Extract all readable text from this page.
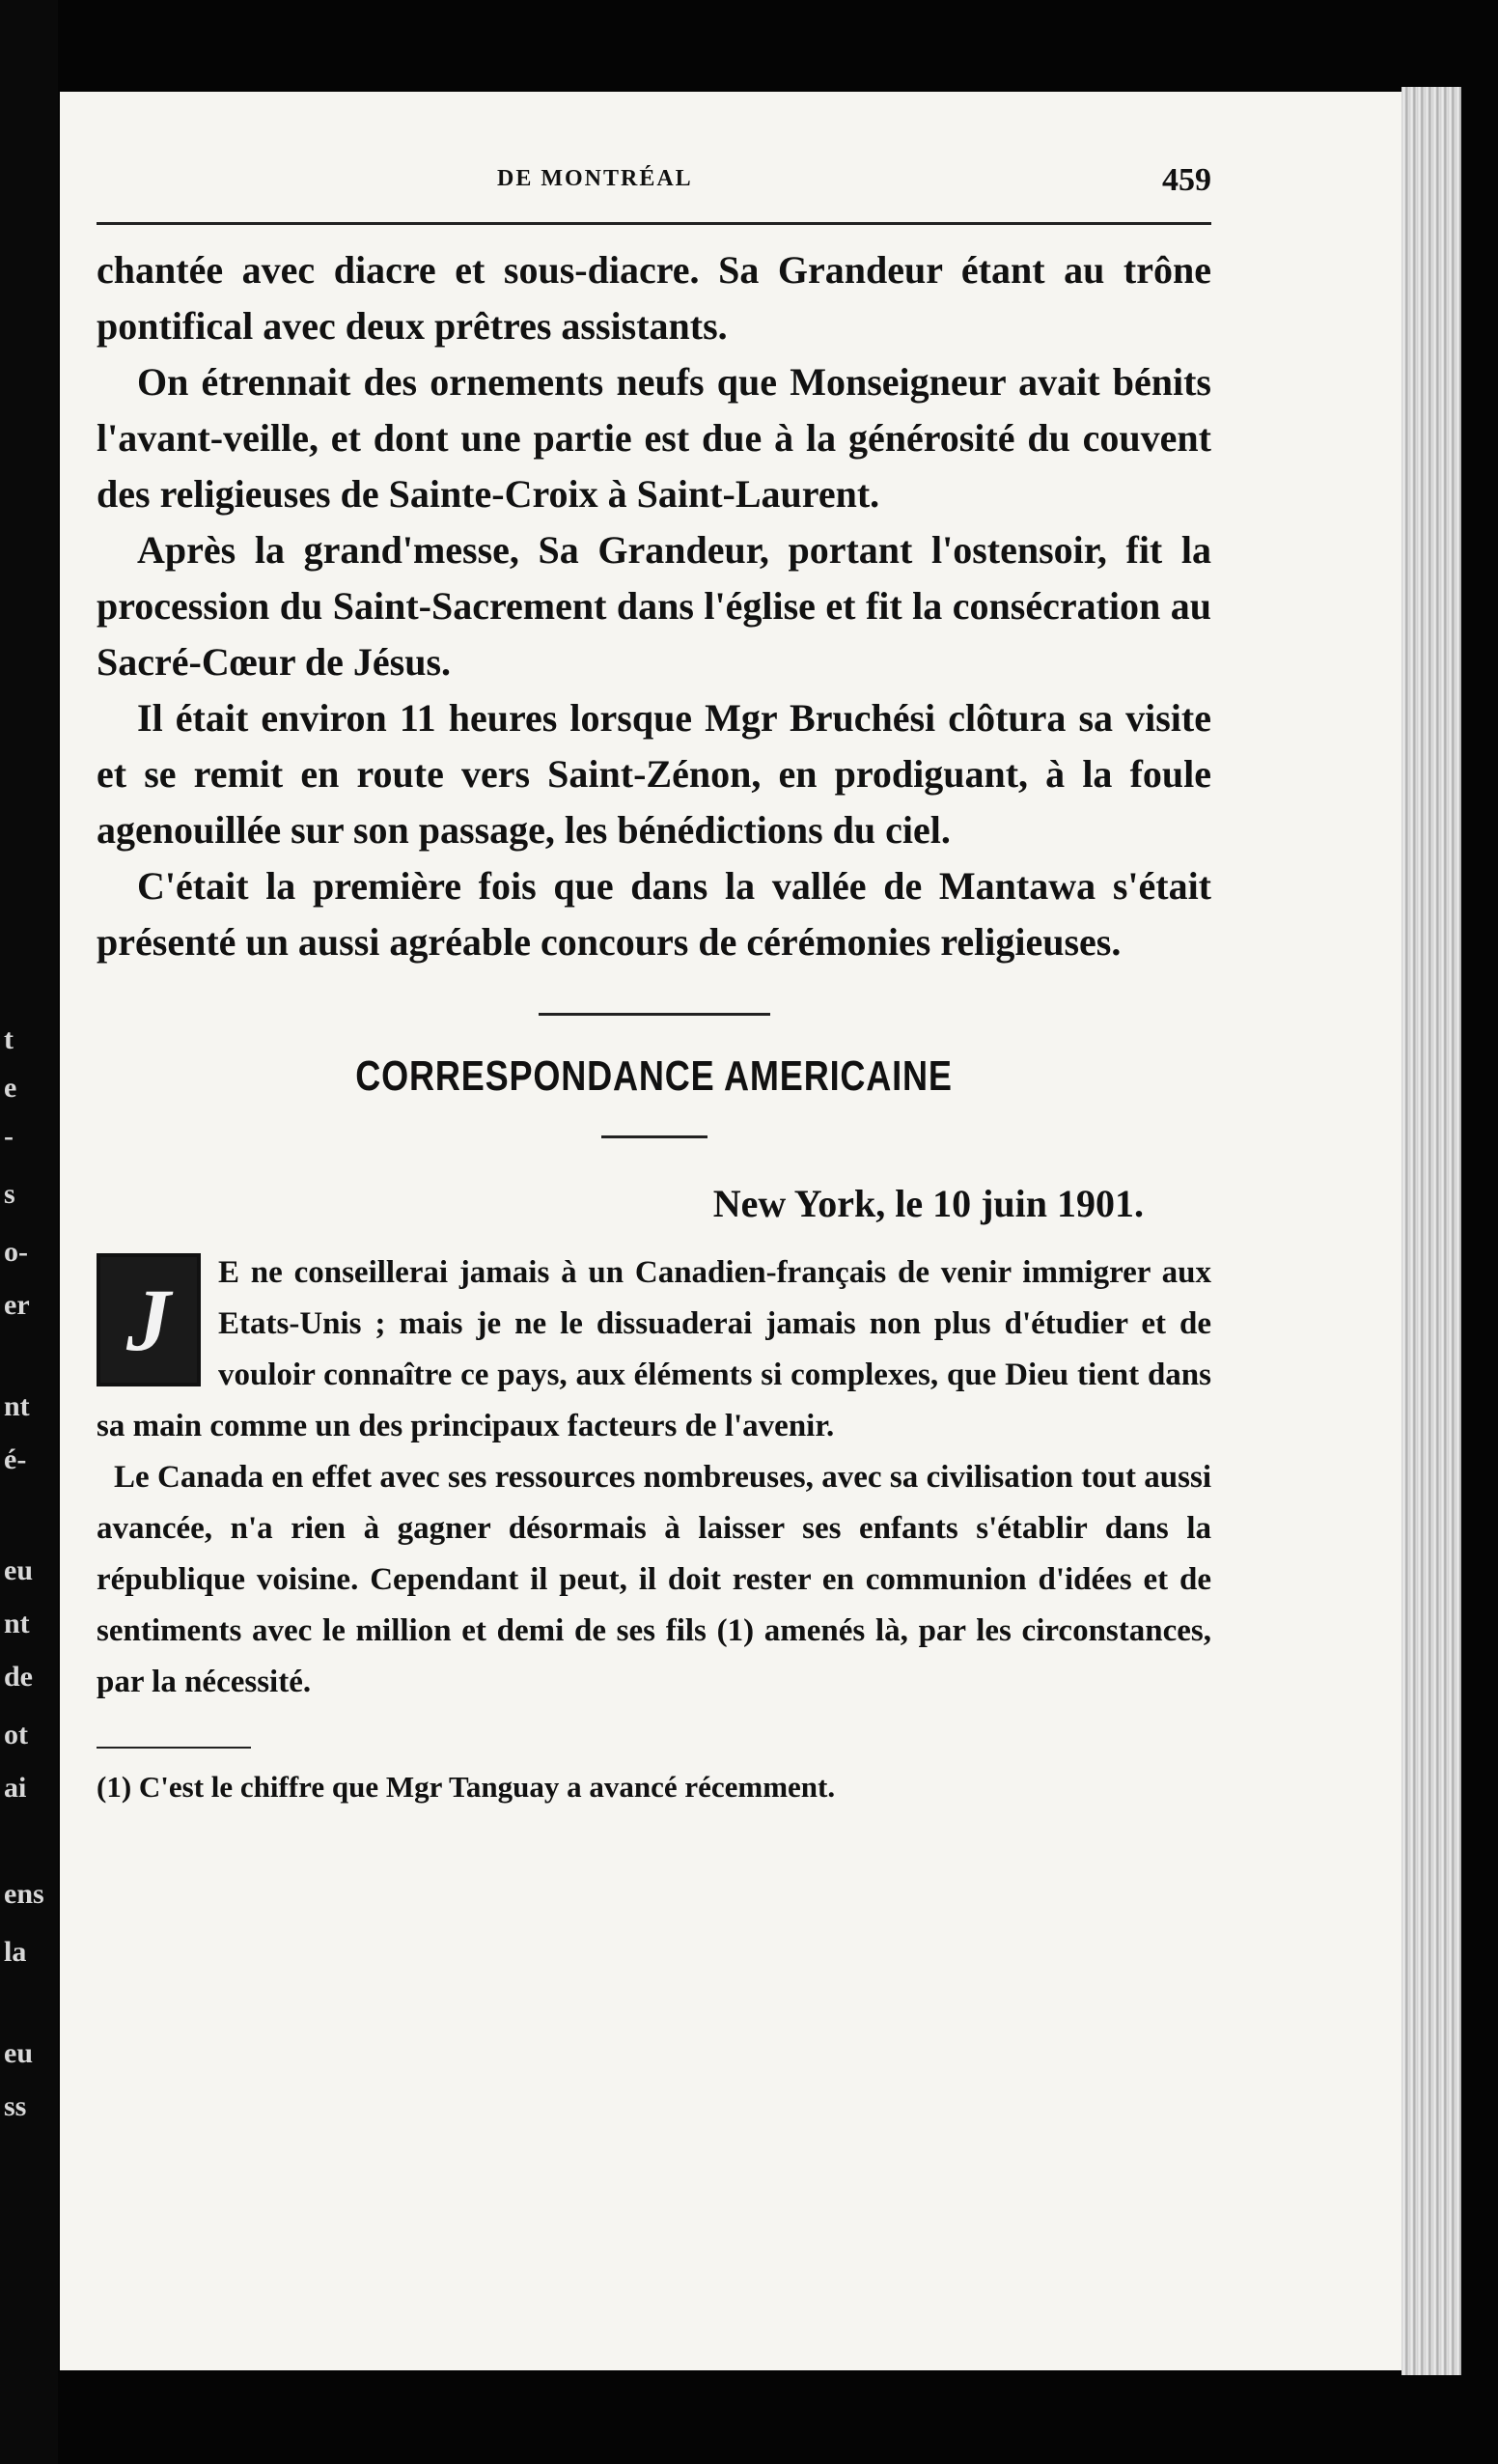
t
e
-
s
o-
er
nt
é-
eu
nt
de
ot
ai
ens
la
eu
ss
DE MONTRÉAL	459

chantée avec diacre et sous-diacre. Sa Grandeur étant au trône pontifical avec deux prêtres assistants.

On étrennait des ornements neufs que Monseigneur avait bénits l'avant-veille, et dont une partie est due à la générosité du couvent des religieuses de Sainte-Croix à Saint-Laurent.

Après la grand'messe, Sa Grandeur, portant l'ostensoir, fit la procession du Saint-Sacrement dans l'église et fit la consécration au Sacré-Cœur de Jésus.

Il était environ 11 heures lorsque Mgr Bruchési clôtura sa visite et se remit en route vers Saint-Zénon, en prodiguant, à la foule agenouillée sur son passage, les bénédictions du ciel.

C'était la première fois que dans la vallée de Mantawa s'était présenté un aussi agréable concours de cérémonies religieuses.

CORRESPONDANCE AMERICAINE
New York, le 10 juin 1901.
J	E ne conseillerai jamais à un Canadien-français de venir immigrer aux Etats-Unis ; mais je ne le dissuaderai jamais non plus d'étudier et de vouloir connaître ce pays, aux éléments si complexes, que Dieu tient dans sa main comme un des principaux facteurs de l'avenir.

Le Canada en effet avec ses ressources nombreuses, avec sa civilisation tout aussi avancée, n'a rien à gagner désormais à laisser ses enfants s'établir dans la république voisine. Cependant il peut, il doit rester en communion d'idées et de sentiments avec le million et demi de ses fils (1) amenés là, par les circonstances, par la nécessité.

(1) C'est le chiffre que Mgr Tanguay a avancé récemment.
